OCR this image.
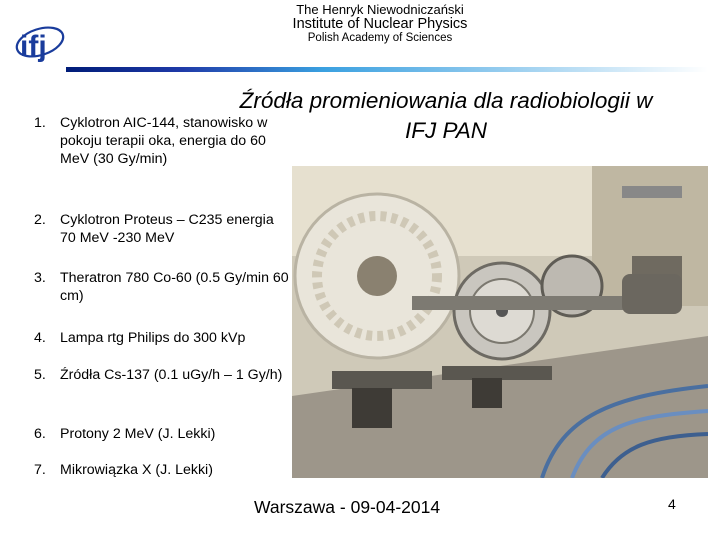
ifj
The Henryk Niewodniczański
Institute of Nuclear Physics
Polish Academy of Sciences
Źródła promieniowania dla radiobiologii w
IFJ PAN
1. Cyklotron AIC-144, stanowisko w pokoju terapii oka, energia do 60 MeV (30 Gy/min)
2. Cyklotron Proteus – C235 energia 70 MeV -230 MeV
3. Theratron 780 Co-60 (0.5 Gy/min 60 cm)
4. Lampa rtg Philips do 300 kVp
5. Źródła Cs-137 (0.1 uGy/h – 1 Gy/h)
6. Protony 2 MeV (J. Lekki)
7. Mikrowiązka X (J. Lekki)
Warszawa - 09-04-2014	4
